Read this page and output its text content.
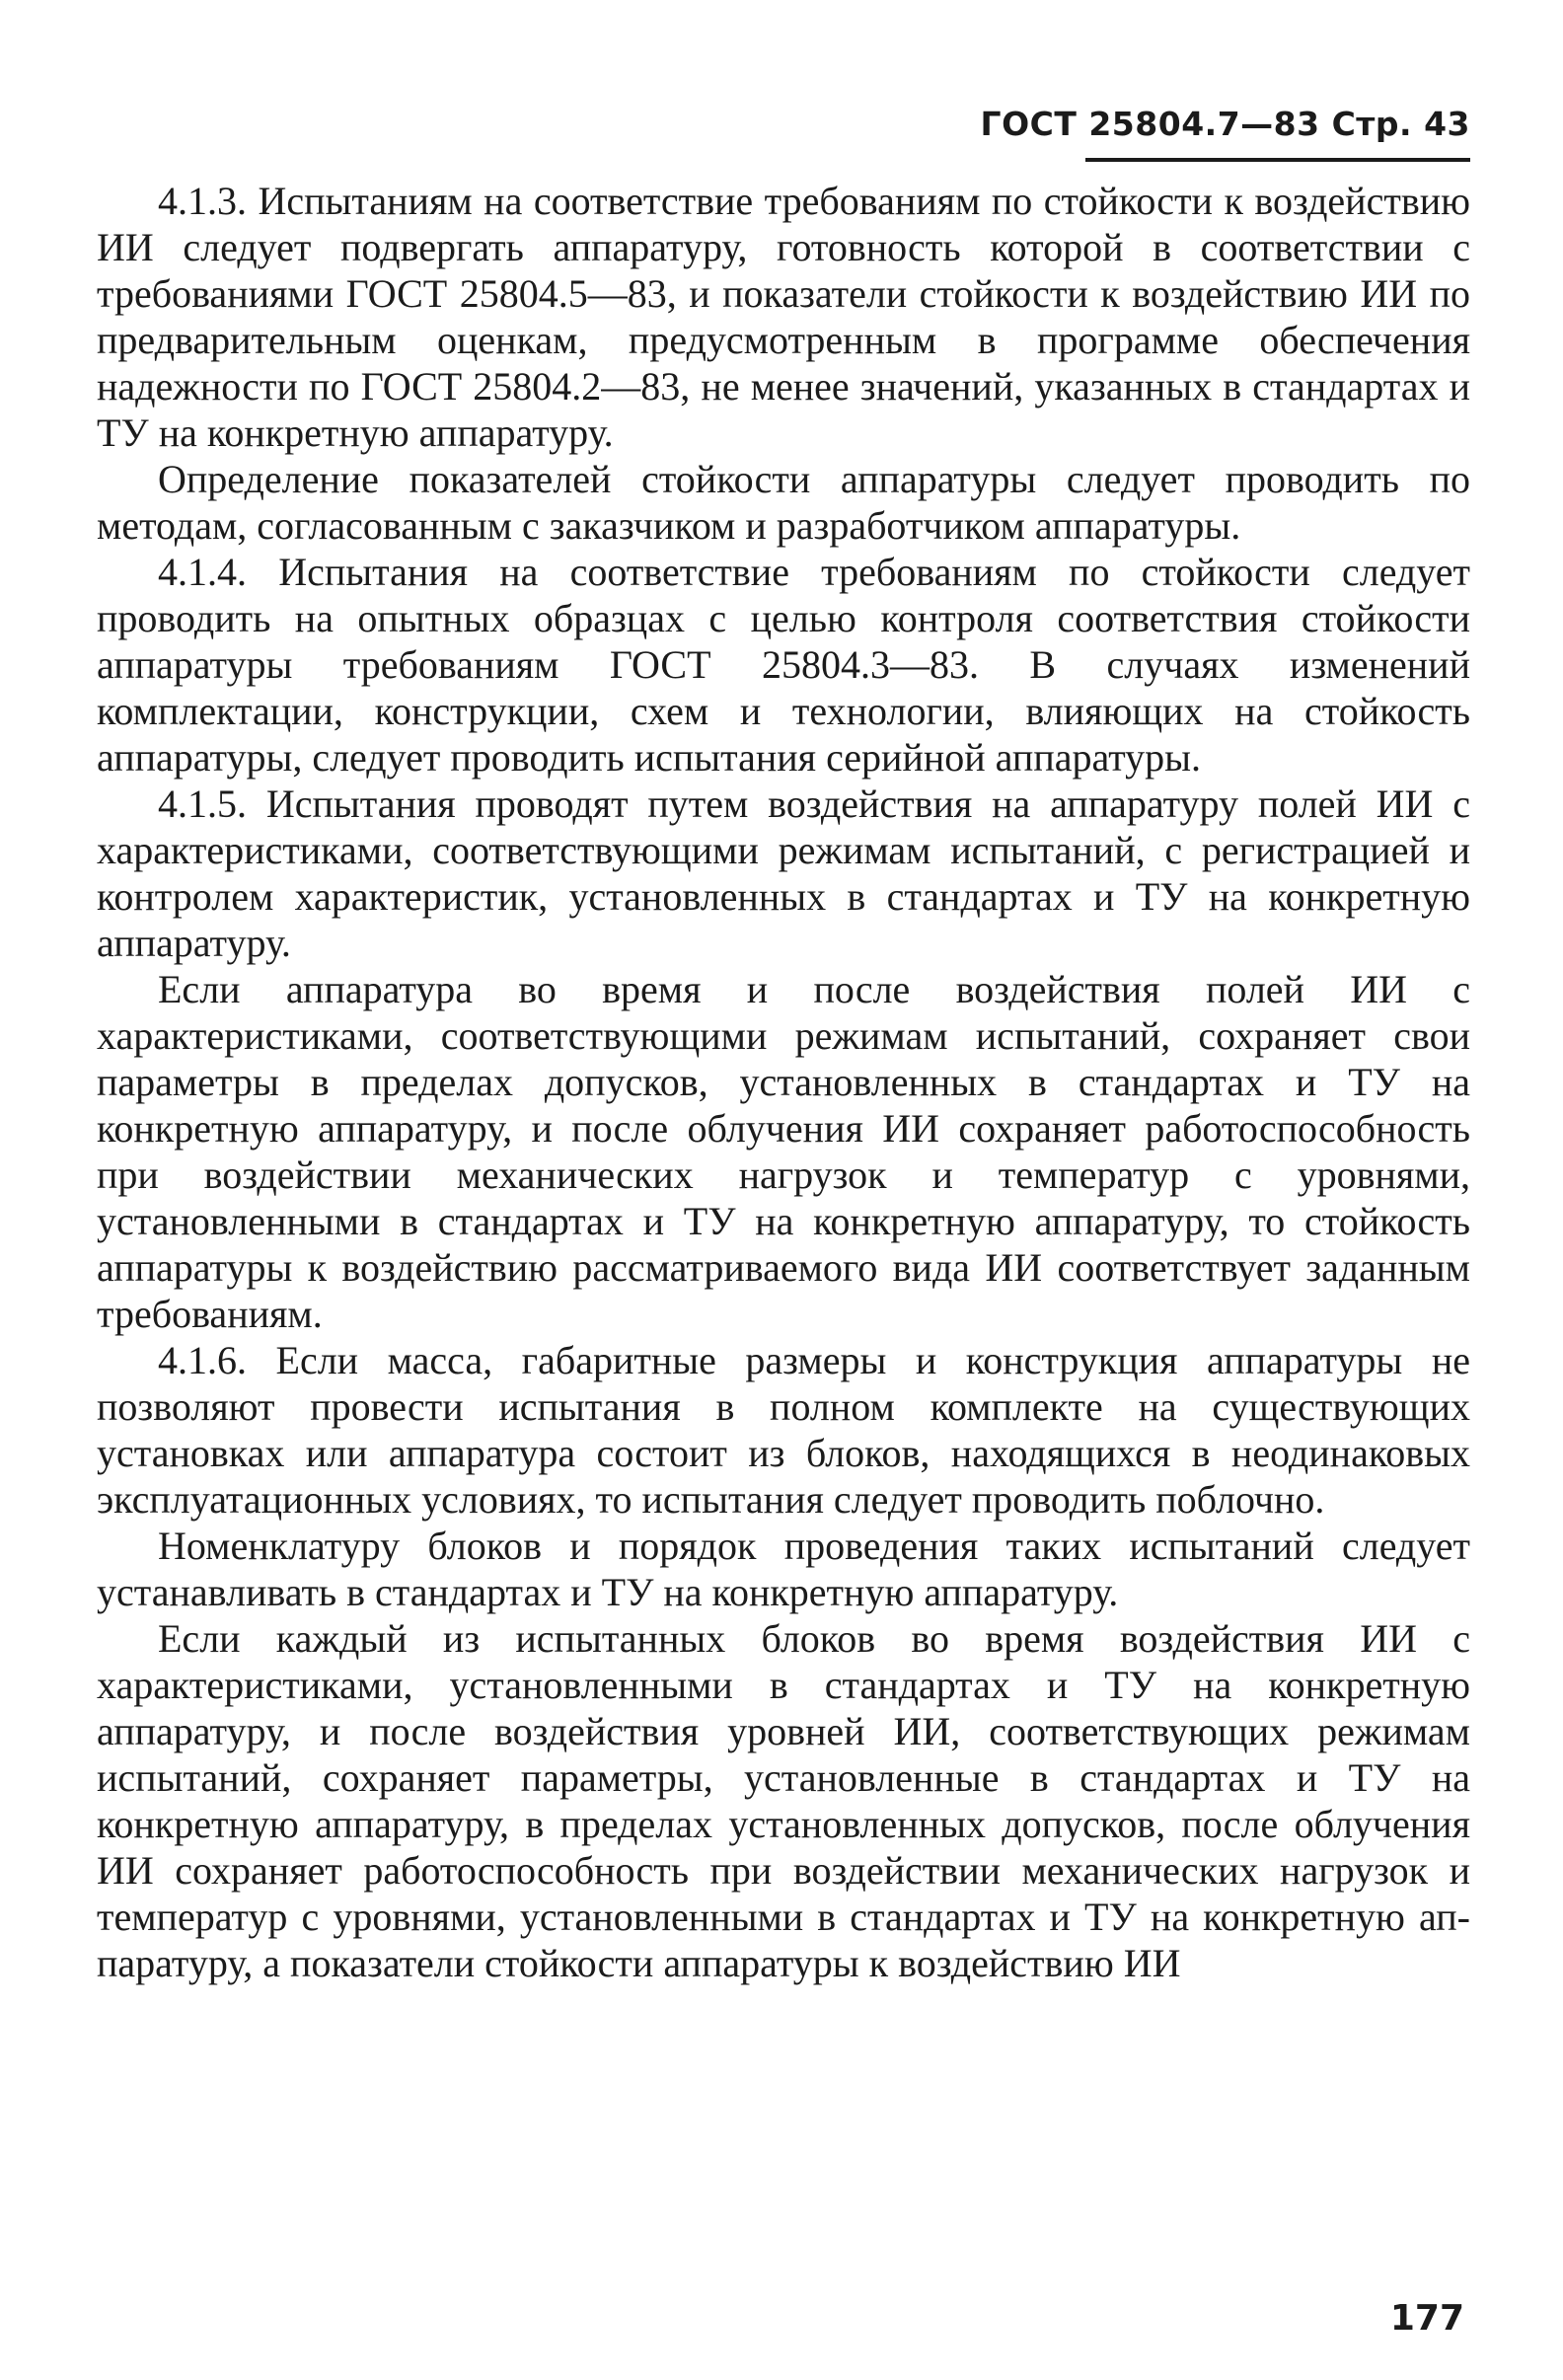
ГОСТ 25804.7—83 Стр. 43

4.1.3. Испытаниям на соответствие требованиям по стойкости к воздействию ИИ следует подвергать аппаратуру, готовность которой в соответствии с требованиями ГОСТ 25804.5—83, и показатели стойкости к воздействию ИИ по предварительным оценкам, предусмотренным в программе обеспечения надежности по ГОСТ 25804.2—83, не менее значений, указанных в стандартах и ТУ на конкретную аппаратуру.

Определение показателей стойкости аппаратуры следует проводить по методам, согласованным с заказчиком и разработчиком аппаратуры.

4.1.4. Испытания на соответствие требованиям по стойкости следует проводить на опытных образцах с целью контроля соответствия стойкости аппаратуры требованиям ГОСТ 25804.3—83. В случаях изменений комплектации, конструкции, схем и технологии, влияющих на стойкость аппаратуры, следует проводить испытания серийной аппаратуры.

4.1.5. Испытания проводят путем воздействия на аппаратуру полей ИИ с характеристиками, соответствующими режимам испытаний, с регистрацией и контролем характеристик, установленных в стандартах и ТУ на конкретную аппаратуру.

Если аппаратура во время и после воздействия полей ИИ с характеристиками, соответствующими режимам испытаний, сохраняет свои параметры в пределах допусков, установленных в стандартах и ТУ на конкретную аппаратуру, и после облучения ИИ сохраняет работоспособность при воздействии механических нагрузок и температур с уровнями, установленными в стандартах и ТУ на конкретную аппаратуру, то стойкость аппаратуры к воздействию рассматриваемого вида ИИ соответствует заданным требованиям.

4.1.6. Если масса, габаритные размеры и конструкция аппаратуры не позволяют провести испытания в полном комплекте на существующих установках или аппаратура состоит из блоков, находящихся в неодинаковых эксплуатационных условиях, то испытания следует проводить поблочно.

Номенклатуру блоков и порядок проведения таких испытаний следует устанавливать в стандартах и ТУ на конкретную аппаратуру.

Если каждый из испытанных блоков во время воздействия ИИ с характеристиками, установленными в стандартах и ТУ на конкретную аппаратуру, и после воздействия уровней ИИ, соответствующих режимам испытаний, сохраняет параметры, установленные в стандартах и ТУ на конкретную аппаратуру, в пределах установленных допусков, после облучения ИИ сохраняет работоспособность при воздействии механических нагрузок и температур с уровнями, установленными в стандартах и ТУ на конкретную аппаратуру, а показатели стойкости аппаратуры к воздействию ИИ

177
